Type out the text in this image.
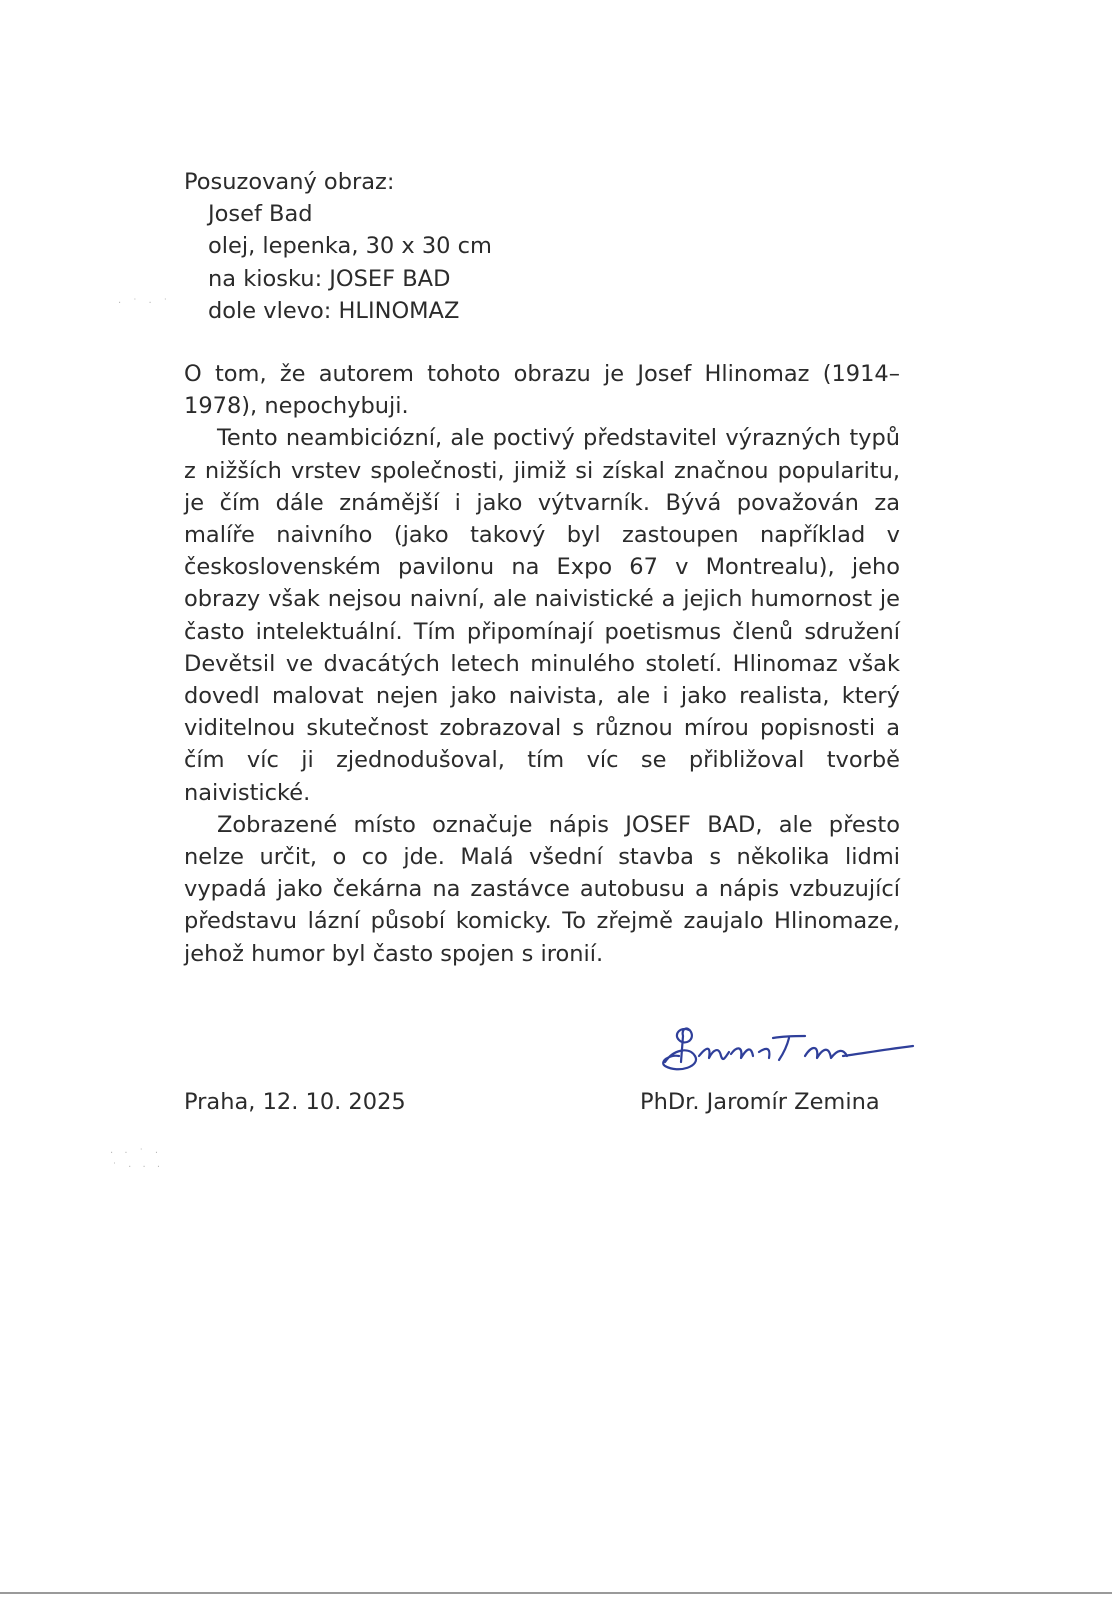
· ˙ · ˙
· · ˙ ·
˙ · · ·

Posuzovaný obraz:

Josef Bad

olej, lepenka, 30 x 30 cm

na kiosku: JOSEF BAD

dole vlevo: HLINOMAZ

O tom, že autorem tohoto obrazu je Josef Hlinomaz (1914–1978), nepochybuji.

Tento neambiciózní, ale poctivý představitel výrazných typů z nižších vrstev společnosti, jimiž si získal značnou popularitu, je čím dále známější i jako výtvarník. Bývá považován za malíře naivního (jako takový byl zastoupen například v československém pavilonu na Expo 67 v Montrealu), jeho obrazy však nejsou naivní, ale naivistické a jejich humornost je často intelektuální. Tím připomínají poetismus členů sdružení Devětsil ve dvacátých letech minulého století. Hlinomaz však dovedl malovat nejen jako naivista, ale i jako realista, který viditelnou skutečnost zobrazoval s různou mírou popisnosti a čím víc ji zjednodušoval, tím víc se přibližoval tvorbě naivistické.

Zobrazené místo označuje nápis JOSEF BAD, ale přesto nelze určit, o co jde. Malá všední stavba s několika lidmi vypadá jako čekárna na zastávce autobusu a nápis vzbuzující představu lázní působí komicky. To zřejmě zaujalo Hlinomaze, jehož humor byl často spojen s ironií.

Praha, 12. 10. 2025	PhDr. Jaromír Zemina
